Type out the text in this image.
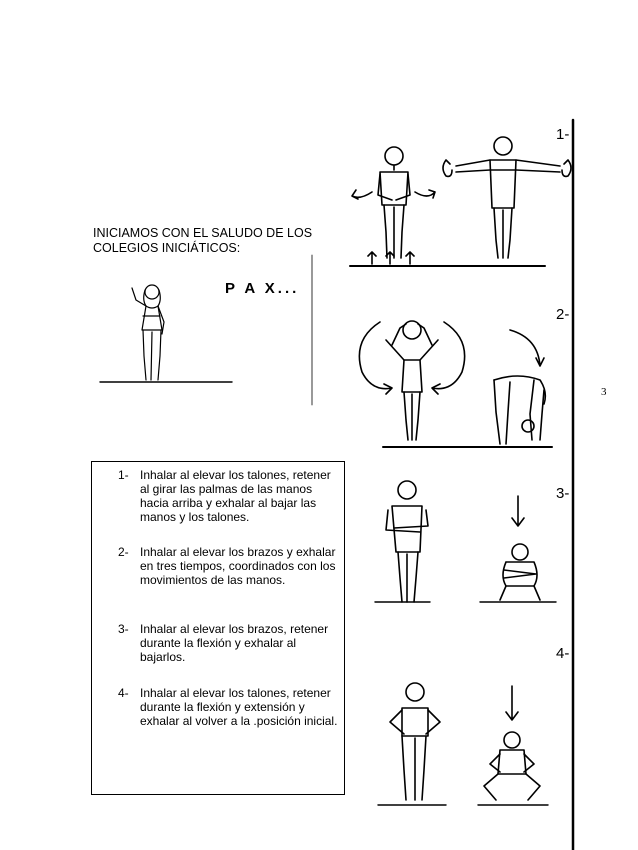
INICIAMOS CON EL SALUDO DE LOS
COLEGIOS INICIÁTICOS:
P A X...
3
1-
2-
3-
4-
1- Inhalar al elevar los talones, retener al girar las palmas de las manos hacia arriba y exhalar al bajar las manos y los talones.
2- Inhalar al elevar los brazos y exhalar en tres tiempos, coordinados con los movimientos de las manos.
3- Inhalar al elevar los brazos, retener durante la flexión y exhalar al bajarlos.
4- Inhalar al elevar los talones, retener durante la flexión y extensión y exhalar al volver a la .posición inicial.
